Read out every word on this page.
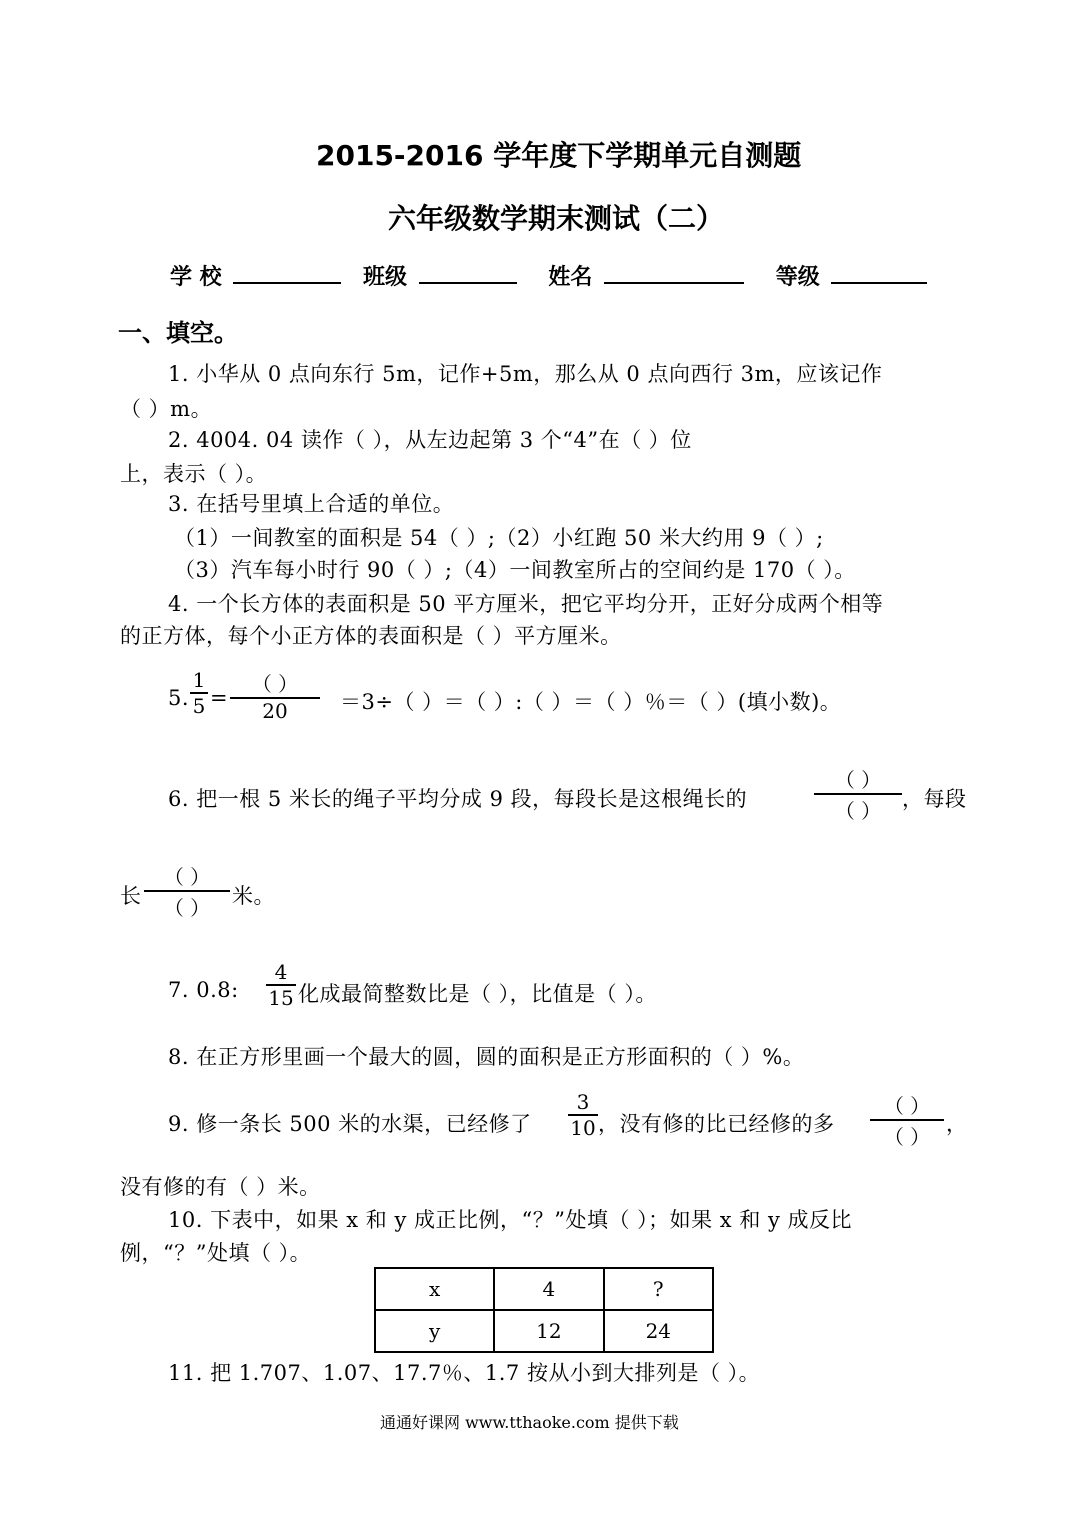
2015-2016 学年度下学期单元自测题
六年级数学期末测试（二）
学 校	班级	姓名	等级
一、填空。
1. 小华从 0 点向东行 5m，记作+5m，那么从 0 点向西行 3m，应该记作
（ ）m。
2. 4004. 04 读作（ ），从左边起第 3 个“4”在（ ）位
上，表示（ ）。
3. 在括号里填上合适的单位。
（1）一间教室的面积是 54（ ）;（2）小红跑 50 米大约用 9（ ）;
（3）汽车每小时行 90（ ）;（4）一间教室所占的空间约是 170（ ）。
4. 一个长方体的表面积是 50 平方厘米，把它平均分开，正好分成两个相等
的正方体，每个小正方体的表面积是（ ）平方厘米。
5. $\frac{1}{5}$ =
（ ）
20	＝3÷（ ）＝（ ）:（ ）＝（ ）％＝（ ）(填小数)。
6. 把一根 5 米长的绳子平均分成 9 段，每段长是这根绳长的
（ ）
（ ） ，每段
长
（ ）
（ ）	米。
7. 0.8: $\frac{4}{15}$ 化成最简整数比是（ ），比值是（ ）。
8. 在正方形里画一个最大的圆，圆的面积是正方形面积的（ ）%。
9. 修一条长 500 米的水渠，已经修了 $\frac{3}{10}$ ，没有修的比已经修的多
（ ）
（ ）
，
没有修的有（ ）米。
10. 下表中，如果 x 和 y 成正比例，“？”处填（ ）；如果 x 和 y 成反比
例，“？”处填（ ）。
x	4	?
y	12	24
11. 把 1.707、1.07、17.7％、1.7 按从小到大排列是（ ）。
通通好课网 www.tthaoke.com 提供下载
